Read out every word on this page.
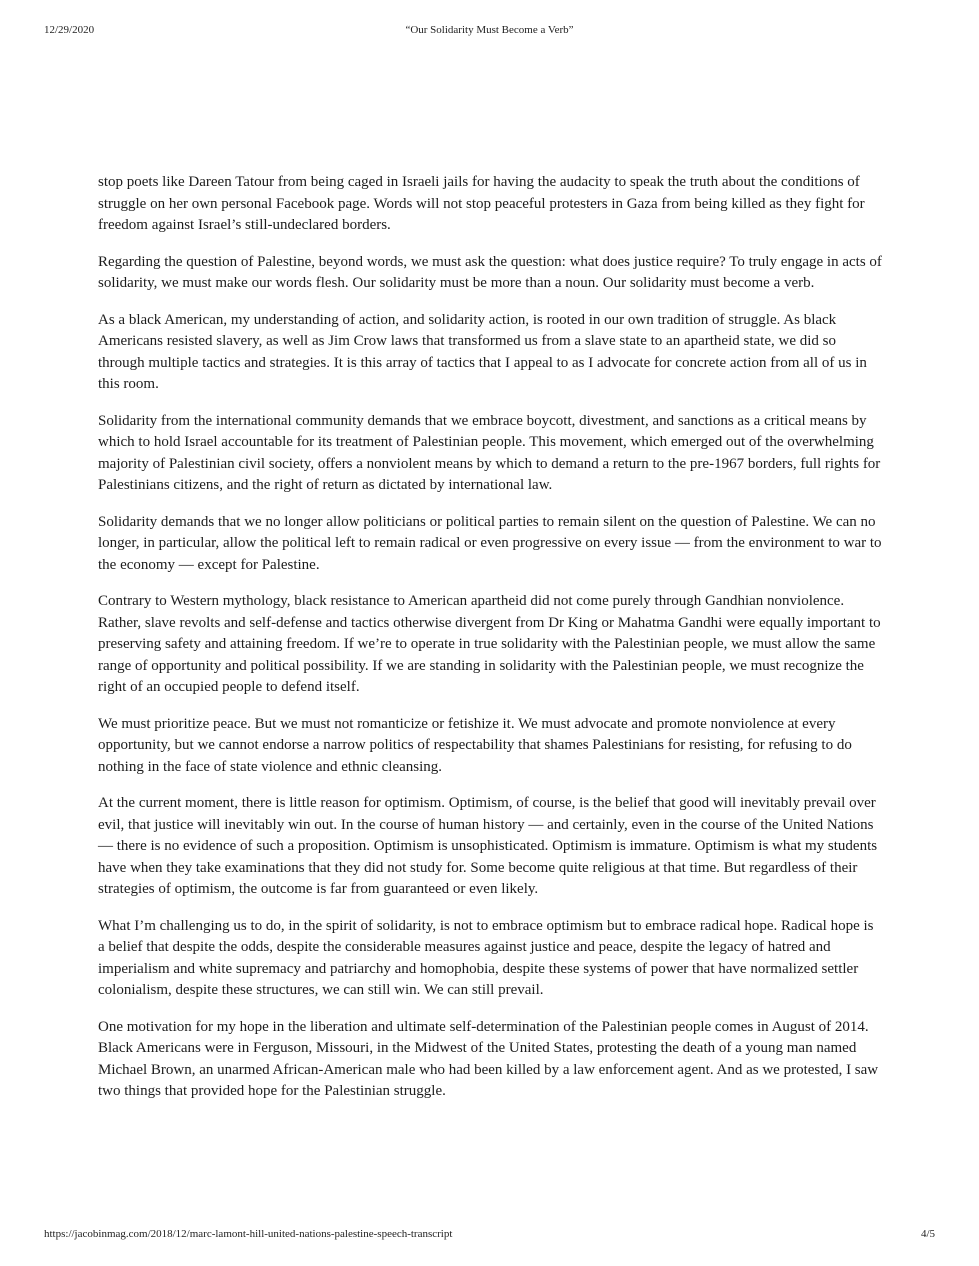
12/29/2020	“Our Solidarity Must Become a Verb”

stop poets like Dareen Tatour from being caged in Israeli jails for having the audacity to speak the truth about the conditions of struggle on her own personal Facebook page. Words will not stop peaceful protesters in Gaza from being killed as they fight for freedom against Israel’s still-undeclared borders.

Regarding the question of Palestine, beyond words, we must ask the question: what does justice require? To truly engage in acts of solidarity, we must make our words flesh. Our solidarity must be more than a noun. Our solidarity must become a verb.

As a black American, my understanding of action, and solidarity action, is rooted in our own tradition of struggle. As black Americans resisted slavery, as well as Jim Crow laws that transformed us from a slave state to an apartheid state, we did so through multiple tactics and strategies. It is this array of tactics that I appeal to as I advocate for concrete action from all of us in this room.

Solidarity from the international community demands that we embrace boycott, divestment, and sanctions as a critical means by which to hold Israel accountable for its treatment of Palestinian people. This movement, which emerged out of the overwhelming majority of Palestinian civil society, offers a nonviolent means by which to demand a return to the pre-1967 borders, full rights for Palestinians citizens, and the right of return as dictated by international law.

Solidarity demands that we no longer allow politicians or political parties to remain silent on the question of Palestine. We can no longer, in particular, allow the political left to remain radical or even progressive on every issue — from the environment to war to the economy — except for Palestine.

Contrary to Western mythology, black resistance to American apartheid did not come purely through Gandhian nonviolence. Rather, slave revolts and self-defense and tactics otherwise divergent from Dr King or Mahatma Gandhi were equally important to preserving safety and attaining freedom. If we’re to operate in true solidarity with the Palestinian people, we must allow the same range of opportunity and political possibility. If we are standing in solidarity with the Palestinian people, we must recognize the right of an occupied people to defend itself.

We must prioritize peace. But we must not romanticize or fetishize it. We must advocate and promote nonviolence at every opportunity, but we cannot endorse a narrow politics of respectability that shames Palestinians for resisting, for refusing to do nothing in the face of state violence and ethnic cleansing.

At the current moment, there is little reason for optimism. Optimism, of course, is the belief that good will inevitably prevail over evil, that justice will inevitably win out. In the course of human history — and certainly, even in the course of the United Nations — there is no evidence of such a proposition. Optimism is unsophisticated. Optimism is immature. Optimism is what my students have when they take examinations that they did not study for. Some become quite religious at that time. But regardless of their strategies of optimism, the outcome is far from guaranteed or even likely.

What I’m challenging us to do, in the spirit of solidarity, is not to embrace optimism but to embrace radical hope. Radical hope is a belief that despite the odds, despite the considerable measures against justice and peace, despite the legacy of hatred and imperialism and white supremacy and patriarchy and homophobia, despite these systems of power that have normalized settler colonialism, despite these structures, we can still win. We can still prevail.

One motivation for my hope in the liberation and ultimate self-determination of the Palestinian people comes in August of 2014. Black Americans were in Ferguson, Missouri, in the Midwest of the United States, protesting the death of a young man named Michael Brown, an unarmed African-American male who had been killed by a law enforcement agent. And as we protested, I saw two things that provided hope for the Palestinian struggle.

https://jacobinmag.com/2018/12/marc-lamont-hill-united-nations-palestine-speech-transcript	4/5
